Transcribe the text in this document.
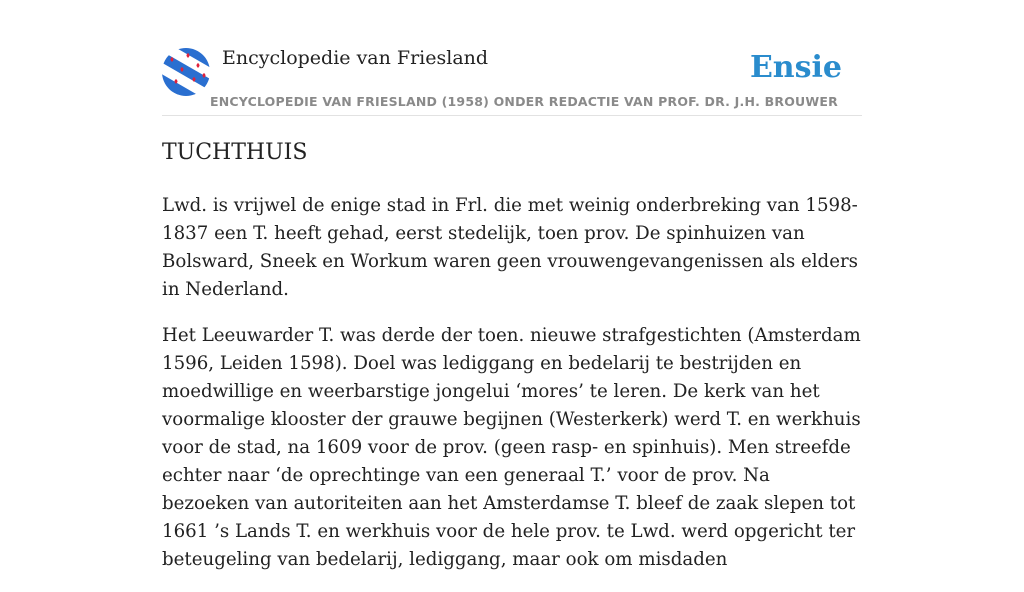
Encyclopedie van Friesland	Ensie
ENCYCLOPEDIE VAN FRIESLAND (1958) ONDER REDACTIE VAN PROF. DR. J.H. BROUWER
TUCHTHUIS

Lwd. is vrijwel de enige stad in Frl. die met weinig onderbreking van 1598-1837 een T. heeft gehad, eerst stedelijk, toen prov. De spinhuizen van Bolsward, Sneek en Workum waren geen vrouwengevangenissen als elders in Nederland.

Het Leeuwarder T. was derde der toen. nieuwe strafgestichten (Amsterdam 1596, Leiden 1598). Doel was lediggang en bedelarij te bestrijden en moedwillige en weerbarstige jongelui ‘mores’ te leren. De kerk van het voormalige klooster der grauwe begijnen (Westerkerk) werd T. en werkhuis voor de stad, na 1609 voor de prov. (geen rasp- en spinhuis). Men streefde echter naar ‘de oprechtinge van een generaal T.’ voor de prov. Na bezoeken van autoriteiten aan het Amsterdamse T. bleef de zaak slepen tot 1661 ’s Lands T. en werkhuis voor de hele prov. te Lwd. werd opgericht ter beteugeling van bedelarij, lediggang, maar ook om misdaden
